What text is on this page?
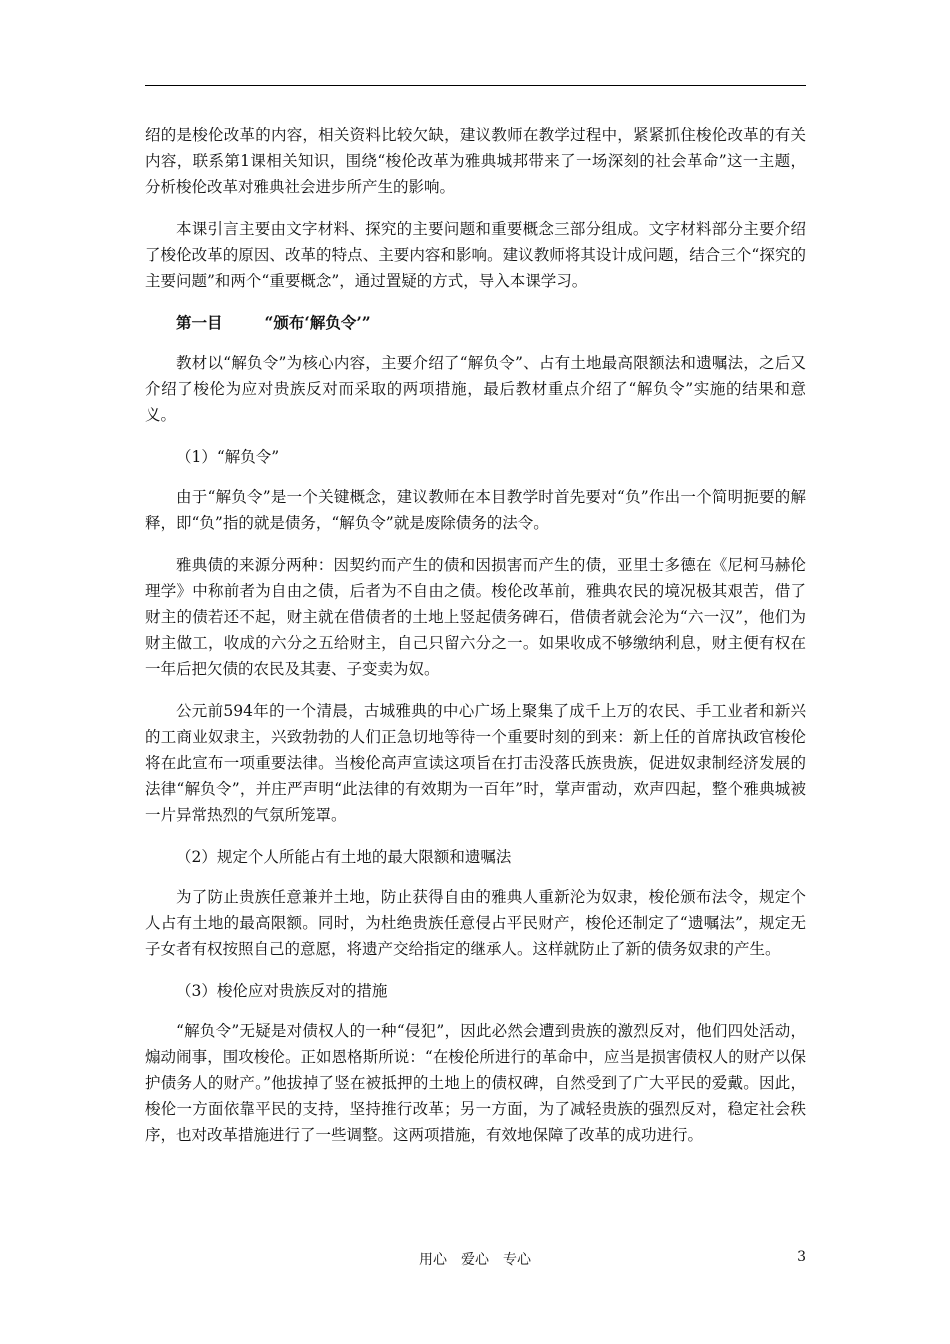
绍的是梭伦改革的内容，相关资料比较欠缺，建议教师在教学过程中，紧紧抓住梭伦改革的有关内容，联系第1课相关知识，围绕“梭伦改革为雅典城邦带来了一场深刻的社会革命”这一主题，分析梭伦改革对雅典社会进步所产生的影响。

本课引言主要由文字材料、探究的主要问题和重要概念三部分组成。文字材料部分主要介绍了梭伦改革的原因、改革的特点、主要内容和影响。建议教师将其设计成问题，结合三个“探究的主要问题”和两个“重要概念”，通过置疑的方式，导入本课学习。

第一目	“颁布‘解负令’”

教材以“解负令”为核心内容，主要介绍了“解负令”、占有土地最高限额法和遗嘱法，之后又介绍了梭伦为应对贵族反对而采取的两项措施，最后教材重点介绍了“解负令”实施的结果和意义。

（1）“解负令”

由于“解负令”是一个关键概念，建议教师在本目教学时首先要对“负”作出一个简明扼要的解释，即“负”指的就是债务，“解负令”就是废除债务的法令。

雅典债的来源分两种：因契约而产生的债和因损害而产生的债，亚里士多德在《尼柯马赫伦理学》中称前者为自由之债，后者为不自由之债。梭伦改革前，雅典农民的境况极其艰苦，借了财主的债若还不起，财主就在借债者的土地上竖起债务碑石，借债者就会沦为“六一汉”，他们为财主做工，收成的六分之五给财主，自己只留六分之一。如果收成不够缴纳利息，财主便有权在一年后把欠债的农民及其妻、子变卖为奴。

公元前594年的一个清晨，古城雅典的中心广场上聚集了成千上万的农民、手工业者和新兴的工商业奴隶主，兴致勃勃的人们正急切地等待一个重要时刻的到来：新上任的首席执政官梭伦将在此宣布一项重要法律。当梭伦高声宣读这项旨在打击没落氏族贵族，促进奴隶制经济发展的法律“解负令”，并庄严声明“此法律的有效期为一百年”时，掌声雷动，欢声四起，整个雅典城被一片异常热烈的气氛所笼罩。

（2）规定个人所能占有土地的最大限额和遗嘱法

为了防止贵族任意兼并土地，防止获得自由的雅典人重新沦为奴隶，梭伦颁布法令，规定个人占有土地的最高限额。同时，为杜绝贵族任意侵占平民财产，梭伦还制定了“遗嘱法”，规定无子女者有权按照自己的意愿，将遗产交给指定的继承人。这样就防止了新的债务奴隶的产生。

（3）梭伦应对贵族反对的措施

“解负令”无疑是对债权人的一种“侵犯”，因此必然会遭到贵族的激烈反对，他们四处活动，煽动闹事，围攻梭伦。正如恩格斯所说：“在梭伦所进行的革命中，应当是损害债权人的财产以保护债务人的财产。”他拔掉了竖在被抵押的土地上的债权碑，自然受到了广大平民的爱戴。因此，梭伦一方面依靠平民的支持，坚持推行改革；另一方面，为了减轻贵族的强烈反对，稳定社会秩序，也对改革措施进行了一些调整。这两项措施，有效地保障了改革的成功进行。

用心　爱心　专心	3
